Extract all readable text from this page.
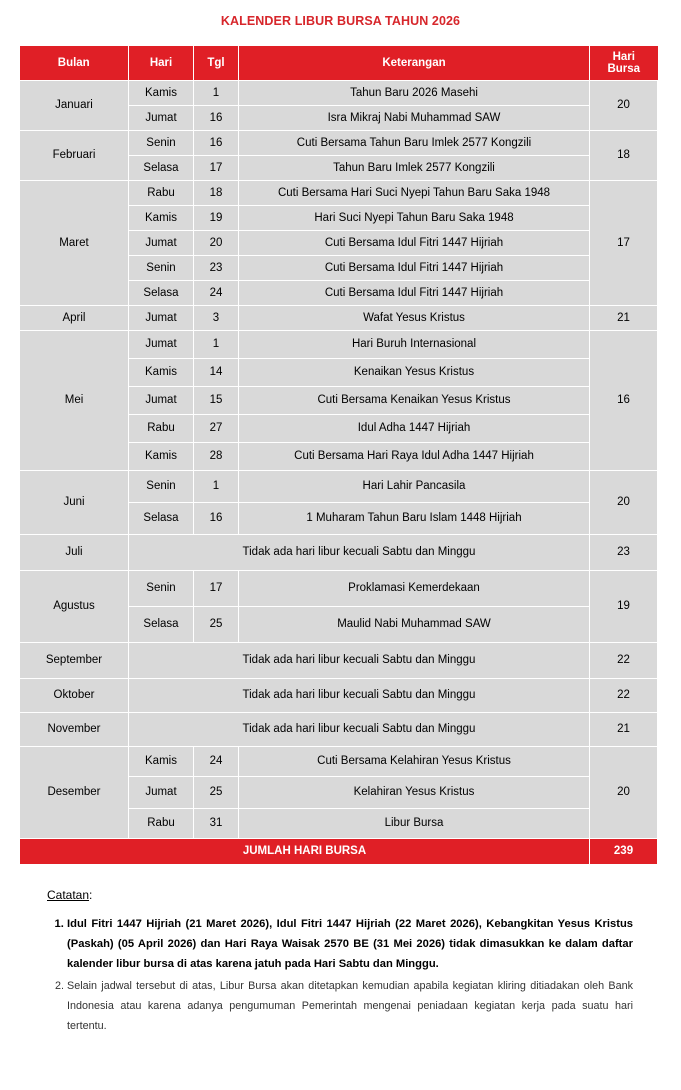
KALENDER LIBUR BURSA TAHUN 2026
Bulan	Hari	Tgl	Keterangan	Hari
Bursa
Januari	Kamis	1	Tahun Baru 2026 Masehi	20
	Jumat	16	Isra Mikraj Nabi Muhammad SAW	
Februari	Senin	16	Cuti Bersama Tahun Baru Imlek 2577 Kongzili	18
	Selasa	17	Tahun Baru Imlek 2577 Kongzili	
Maret	Rabu	18	Cuti Bersama Hari Suci Nyepi Tahun Baru Saka 1948	17
	Kamis	19	Hari Suci Nyepi Tahun Baru Saka 1948	
	Jumat	20	Cuti Bersama Idul Fitri 1447 Hijriah	
	Senin	23	Cuti Bersama Idul Fitri 1447 Hijriah	
	Selasa	24	Cuti Bersama Idul Fitri 1447 Hijriah	
April	Jumat	3	Wafat Yesus Kristus	21
Mei	Jumat	1	Hari Buruh Internasional	16
	Kamis	14	Kenaikan Yesus Kristus	
	Jumat	15	Cuti Bersama Kenaikan Yesus Kristus	
	Rabu	27	Idul Adha 1447 Hijriah	
	Kamis	28	Cuti Bersama Hari Raya Idul Adha 1447 Hijriah	
Juni	Senin	1	Hari Lahir Pancasila	20
	Selasa	16	1 Muharam Tahun Baru Islam 1448 Hijriah	
Juli	Tidak ada hari libur kecuali Sabtu dan Minggu			23
Agustus	Senin	17	Proklamasi Kemerdekaan	19
	Selasa	25	Maulid Nabi Muhammad SAW	
September	Tidak ada hari libur kecuali Sabtu dan Minggu			22
Oktober	Tidak ada hari libur kecuali Sabtu dan Minggu			22
November	Tidak ada hari libur kecuali Sabtu dan Minggu			21
Desember	Kamis	24	Cuti Bersama Kelahiran Yesus Kristus	20
	Jumat	25	Kelahiran Yesus Kristus	
	Rabu	31	Libur Bursa	
JUMLAH HARI BURSA				239
Catatan:
1. Idul Fitri 1447 Hijriah (21 Maret 2026), Idul Fitri 1447 Hijriah (22 Maret 2026), Kebangkitan Yesus Kristus (Paskah) (05 April 2026) dan Hari Raya Waisak 2570 BE (31 Mei 2026) tidak dimasukkan ke dalam daftar kalender libur bursa di atas karena jatuh pada Hari Sabtu dan Minggu.
2. Selain jadwal tersebut di atas, Libur Bursa akan ditetapkan kemudian apabila kegiatan kliring ditiadakan oleh Bank Indonesia atau karena adanya pengumuman Pemerintah mengenai peniadaan kegiatan kerja pada suatu hari tertentu.
